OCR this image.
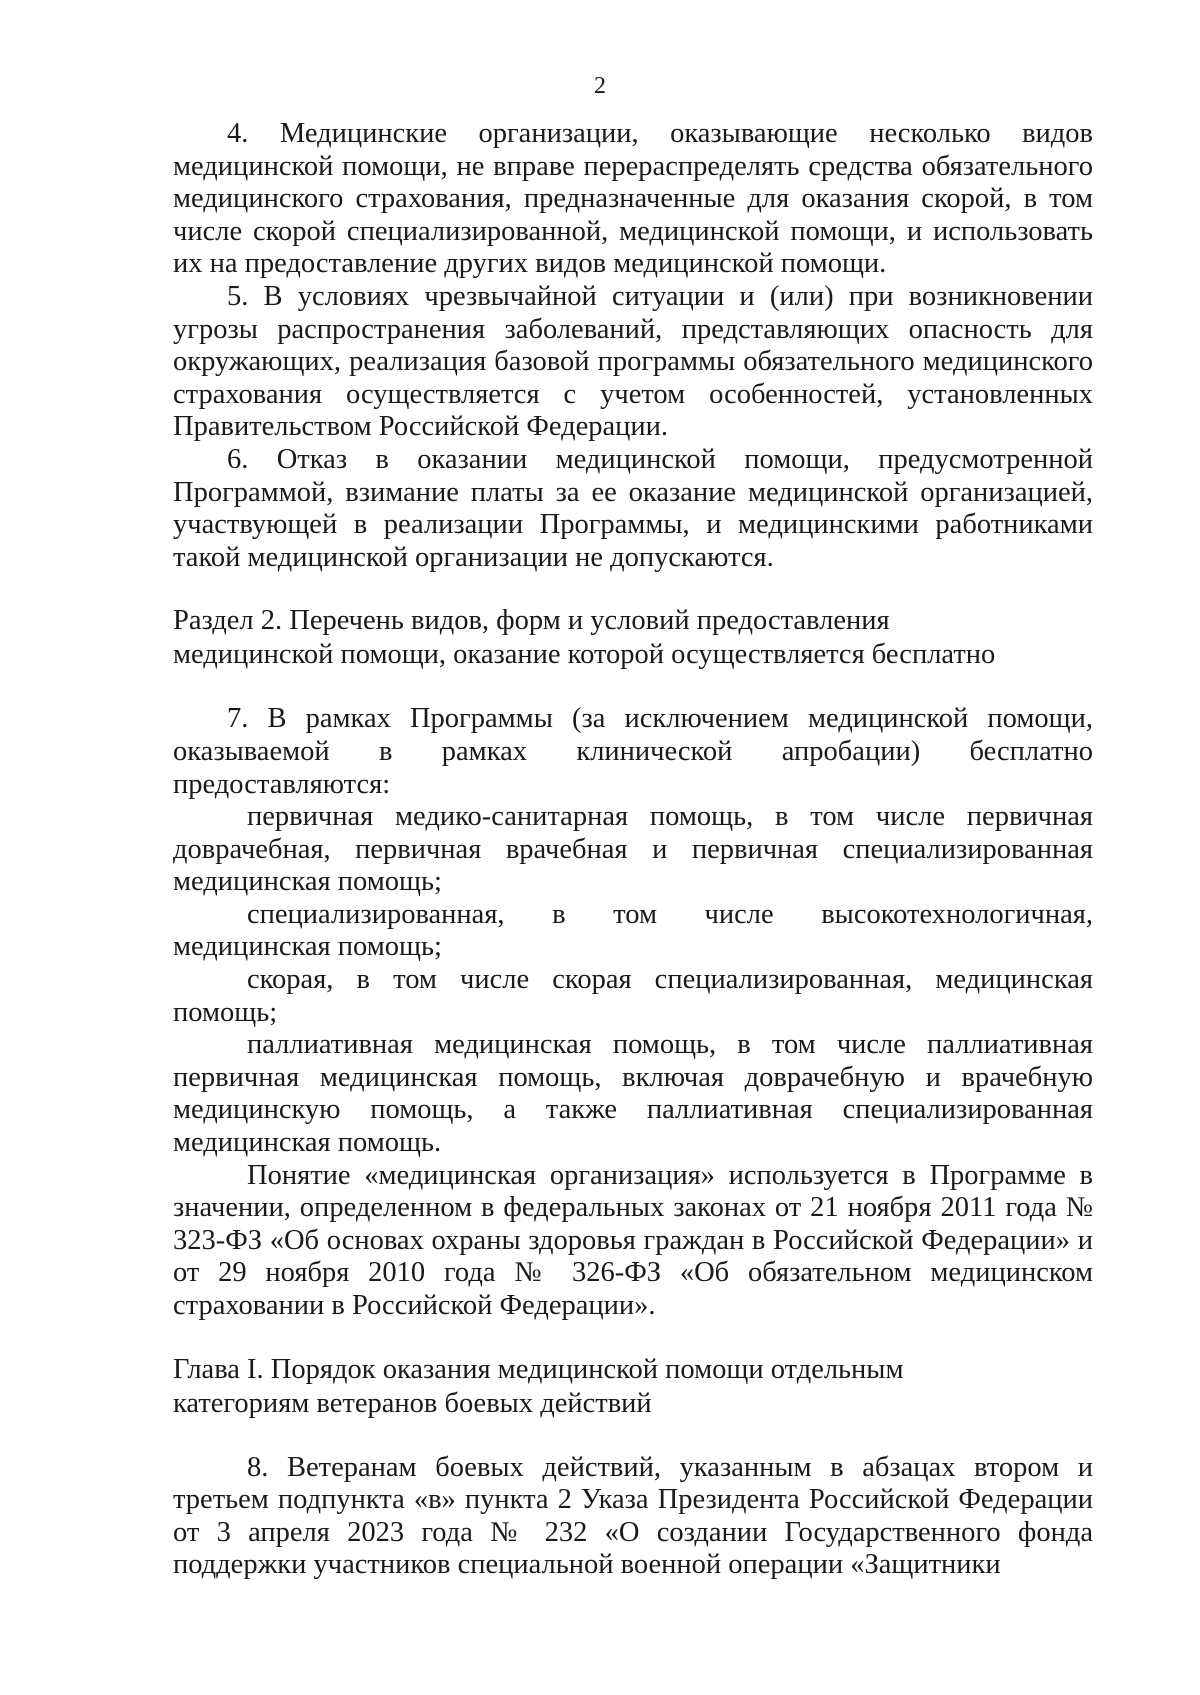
2

4. Медицинские организации, оказывающие несколько видов медицинской помощи, не вправе перераспределять средства обязательного медицинского страхования, предназначенные для оказания скорой, в том числе скорой специализированной, медицинской помощи, и использовать их на предоставление других видов медицинской помощи.

5. В условиях чрезвычайной ситуации и (или) при возникновении угрозы распространения заболеваний, представляющих опасность для окружающих, реализация базовой программы обязательного медицинского страхования осуществляется с учетом особенностей, установленных Правительством Российской Федерации.

6. Отказ в оказании медицинской помощи, предусмотренной Программой, взимание платы за ее оказание медицинской организацией, участвующей в реализации Программы, и медицинскими работниками такой медицинской организации не допускаются.

Раздел 2. Перечень видов, форм и условий предоставления

медицинской помощи, оказание которой осуществляется бесплатно

7. В рамках Программы (за исключением медицинской помощи, оказываемой в рамках клинической апробации) бесплатно предоставляются:

первичная медико-санитарная помощь, в том числе первичная доврачебная, первичная врачебная и первичная специализированная медицинская помощь;

специализированная, в том числе высокотехнологичная, медицинская помощь;

скорая, в том числе скорая специализированная, медицинская помощь;

паллиативная медицинская помощь, в том числе паллиативная первичная медицинская помощь, включая доврачебную и врачебную медицинскую помощь, а также паллиативная специализированная медицинская помощь.

Понятие «медицинская организация» используется в Программе в значении, определенном в федеральных законах от 21 ноября 2011 года № 323-ФЗ «Об основах охраны здоровья граждан в Российской Федерации» и от 29 ноября 2010 года № 326-ФЗ «Об обязательном медицинском страховании в Российской Федерации».

Глава I. Порядок оказания медицинской помощи отдельным

категориям ветеранов боевых действий

8. Ветеранам боевых действий, указанным в абзацах втором и третьем подпункта «в» пункта 2 Указа Президента Российской Федерации от 3 апреля 2023 года № 232 «О создании Государственного фонда поддержки участников специальной военной операции «Защитники
